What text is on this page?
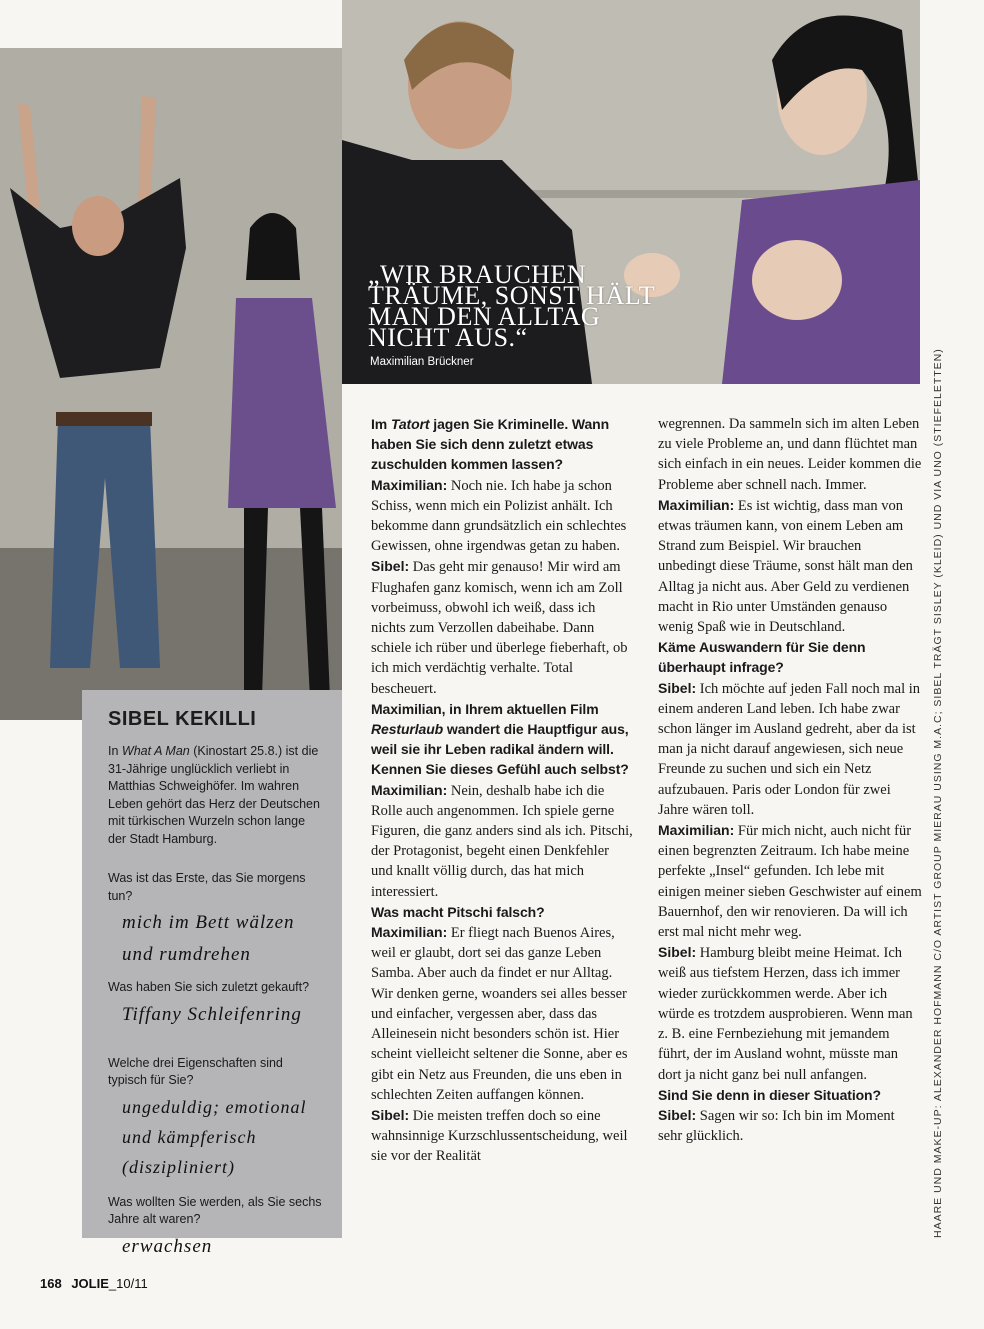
„WIR BRAUCHEN TRÄUME, SONST HÄLT MAN DEN ALLTAG NICHT AUS.“
Maximilian Brückner
SIBEL KEKILLI

In What A Man (Kinostart 25.8.) ist die 31-Jährige unglücklich verliebt in Matthias Schweighöfer. Im wahren Leben gehört das Herz der Deutschen mit türkischen Wurzeln schon lange der Stadt Hamburg.

Was ist das Erste, das Sie morgens tun?

mich im Bett wälzen und rumdrehen

Was haben Sie sich zuletzt gekauft?

Tiffany Schleifenring

Welche drei Eigenschaften sind typisch für Sie?

ungeduldig; emotional und kämpferisch (diszipliniert)

Was wollten Sie werden, als Sie sechs Jahre alt waren?

erwachsen

Im Tatort jagen Sie Kriminelle. Wann haben Sie sich denn zuletzt etwas zuschulden kommen lassen?

Maximilian: Noch nie. Ich habe ja schon Schiss, wenn mich ein Polizist anhält. Ich bekomme dann grundsätzlich ein schlechtes Gewissen, ohne irgendwas getan zu haben.

Sibel: Das geht mir genauso! Mir wird am Flughafen ganz komisch, wenn ich am Zoll vorbeimuss, obwohl ich weiß, dass ich nichts zum Verzollen dabeihabe. Dann schiele ich rüber und überlege fieberhaft, ob ich mich verdächtig verhalte. Total bescheuert.

Maximilian, in Ihrem aktuellen Film Resturlaub wandert die Hauptfigur aus, weil sie ihr Leben radikal ändern will. Kennen Sie dieses Gefühl auch selbst?

Maximilian: Nein, deshalb habe ich die Rolle auch angenommen. Ich spiele gerne Figuren, die ganz anders sind als ich. Pitschi, der Protagonist, begeht einen Denkfehler und knallt völlig durch, das hat mich interessiert.

Was macht Pitschi falsch?

Maximilian: Er fliegt nach Buenos Aires, weil er glaubt, dort sei das ganze Leben Samba. Aber auch da findet er nur Alltag. Wir denken gerne, woanders sei alles besser und einfacher, vergessen aber, dass das Alleinesein nicht besonders schön ist. Hier scheint vielleicht seltener die Sonne, aber es gibt ein Netz aus Freunden, die uns eben in schlechten Zeiten auffangen können.

Sibel: Die meisten treffen doch so eine wahnsinnige Kurzschlussentscheidung, weil sie vor der Realität

wegrennen. Da sammeln sich im alten Leben zu viele Probleme an, und dann flüchtet man sich einfach in ein neues. Leider kommen die Probleme aber schnell nach. Immer.

Maximilian: Es ist wichtig, dass man von etwas träumen kann, von einem Leben am Strand zum Beispiel. Wir brauchen unbedingt diese Träume, sonst hält man den Alltag ja nicht aus. Aber Geld zu verdienen macht in Rio unter Umständen genauso wenig Spaß wie in Deutschland.

Käme Auswandern für Sie denn überhaupt infrage?

Sibel: Ich möchte auf jeden Fall noch mal in einem anderen Land leben. Ich habe zwar schon länger im Ausland gedreht, aber da ist man ja nicht darauf angewiesen, sich neue Freunde zu suchen und sich ein Netz aufzubauen. Paris oder London für zwei Jahre wären toll.

Maximilian: Für mich nicht, auch nicht für einen begrenzten Zeitraum. Ich habe meine perfekte „Insel“ gefunden. Ich lebe mit einigen meiner sieben Geschwister auf einem Bauernhof, den wir renovieren. Da will ich erst mal nicht mehr weg.

Sibel: Hamburg bleibt meine Heimat. Ich weiß aus tiefstem Herzen, dass ich immer wieder zurückkommen werde. Aber ich würde es trotzdem ausprobieren. Wenn man z. B. eine Fernbeziehung mit jemandem führt, der im Ausland wohnt, müsste man dort ja nicht ganz bei null anfangen.

Sind Sie denn in dieser Situation?

Sibel: Sagen wir so: Ich bin im Moment sehr glücklich.	HAARE UND MAKE-UP: ALEXANDER HOFMANN C/O ARTIST GROUP MIERAU USING M.A.C; SIBEL TRÄGT SISLEY (KLEID) UND VIA UNO (STIEFELETTEN)
168 JOLIE_10/11
